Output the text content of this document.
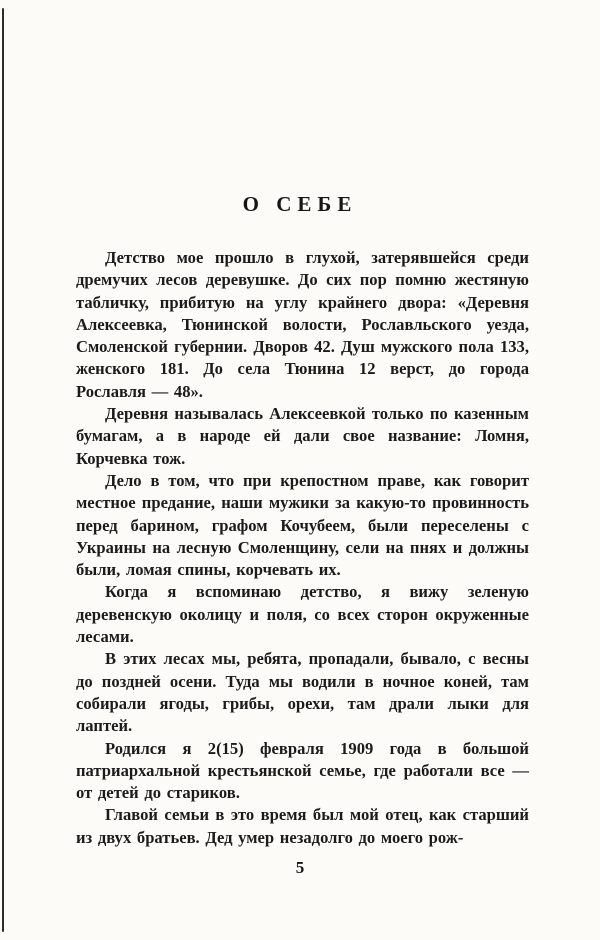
О СЕБЕ

Детство мое прошло в глухой, затерявшейся среди дремучих лесов деревушке. До сих пор помню жестяную табличку, прибитую на углу крайнего двора: «Деревня Алексеевка, Тюнинской волости, Рославльского уезда, Смоленской губернии. Дворов 42. Душ мужского пола 133, женского 181. До села Тюнина 12 верст, до города Рославля — 48».

Деревня называлась Алексеевкой только по казенным бумагам, а в народе ей дали свое название: Ломня, Корчевка тож.

Дело в том, что при крепостном праве, как говорит местное предание, наши мужики за какую-то провинность перед барином, графом Кочубеем, были переселены с Украины на лесную Смоленщину, сели на пнях и должны были, ломая спины, корчевать их.

Когда я вспоминаю детство, я вижу зеленую деревенскую околицу и поля, со всех сторон окруженные лесами.

В этих лесах мы, ребята, пропадали, бывало, с весны до поздней осени. Туда мы водили в ночное коней, там собирали ягоды, грибы, орехи, там драли лыки для лаптей.

Родился я 2(15) февраля 1909 года в большой патриархальной крестьянской семье, где работали все — от детей до стариков.

Главой семьи в это время был мой отец, как старший из двух братьев. Дед умер незадолго до моего рож-

5
